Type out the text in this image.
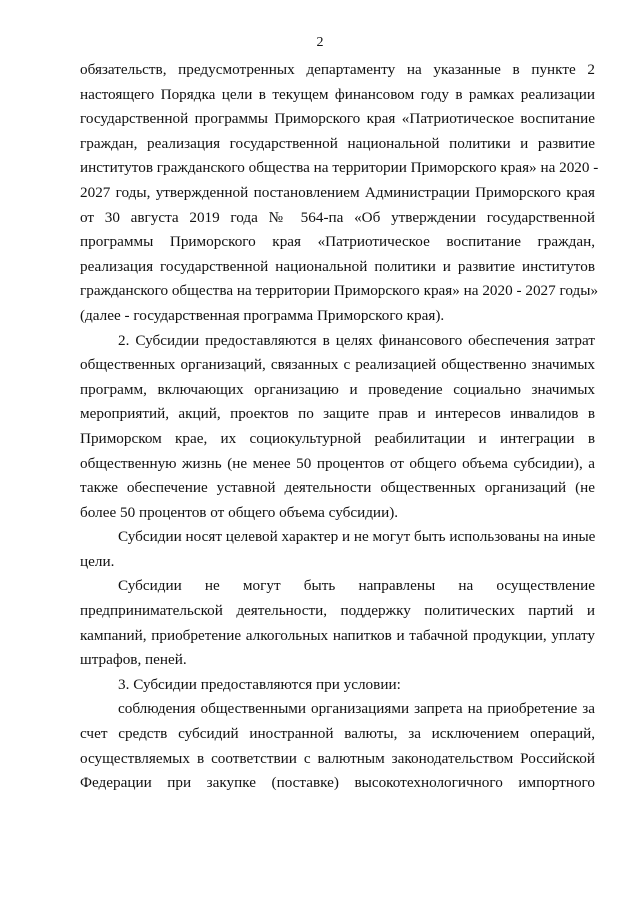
2

обязательств, предусмотренных департаменту на указанные в пункте 2
настоящего Порядка цели в текущем финансовом году в рамках реализации
государственной программы Приморского края «Патриотическое воспитание
граждан, реализация государственной национальной политики и развитие
институтов гражданского общества на территории Приморского края» на 2020 -
2027 годы, утвержденной постановлением Администрации Приморского края
от 30 августа 2019 года № 564-па «Об утверждении государственной
программы Приморского края «Патриотическое воспитание граждан,
реализация государственной национальной политики и развитие институтов
гражданского общества на территории Приморского края» на 2020 - 2027 годы»
(далее - государственная программа Приморского края).

2. Субсидии предоставляются в целях финансового обеспечения затрат
общественных организаций, связанных с реализацией общественно значимых
программ, включающих организацию и проведение социально значимых
мероприятий, акций, проектов по защите прав и интересов инвалидов в
Приморском крае, их социокультурной реабилитации и интеграции в
общественную жизнь (не менее 50 процентов от общего объема субсидии), а
также обеспечение уставной деятельности общественных организаций (не
более 50 процентов от общего объема субсидии).

Субсидии носят целевой характер и не могут быть использованы на иные
цели.

Субсидии не могут быть направлены на осуществление
предпринимательской деятельности, поддержку политических партий и
кампаний, приобретение алкогольных напитков и табачной продукции, уплату
штрафов, пеней.

3. Субсидии предоставляются при условии:

соблюдения общественными организациями запрета на приобретение за
счет средств субсидий иностранной валюты, за исключением операций,
осуществляемых в соответствии с валютным законодательством Российской
Федерации при закупке (поставке) высокотехнологичного импортного
